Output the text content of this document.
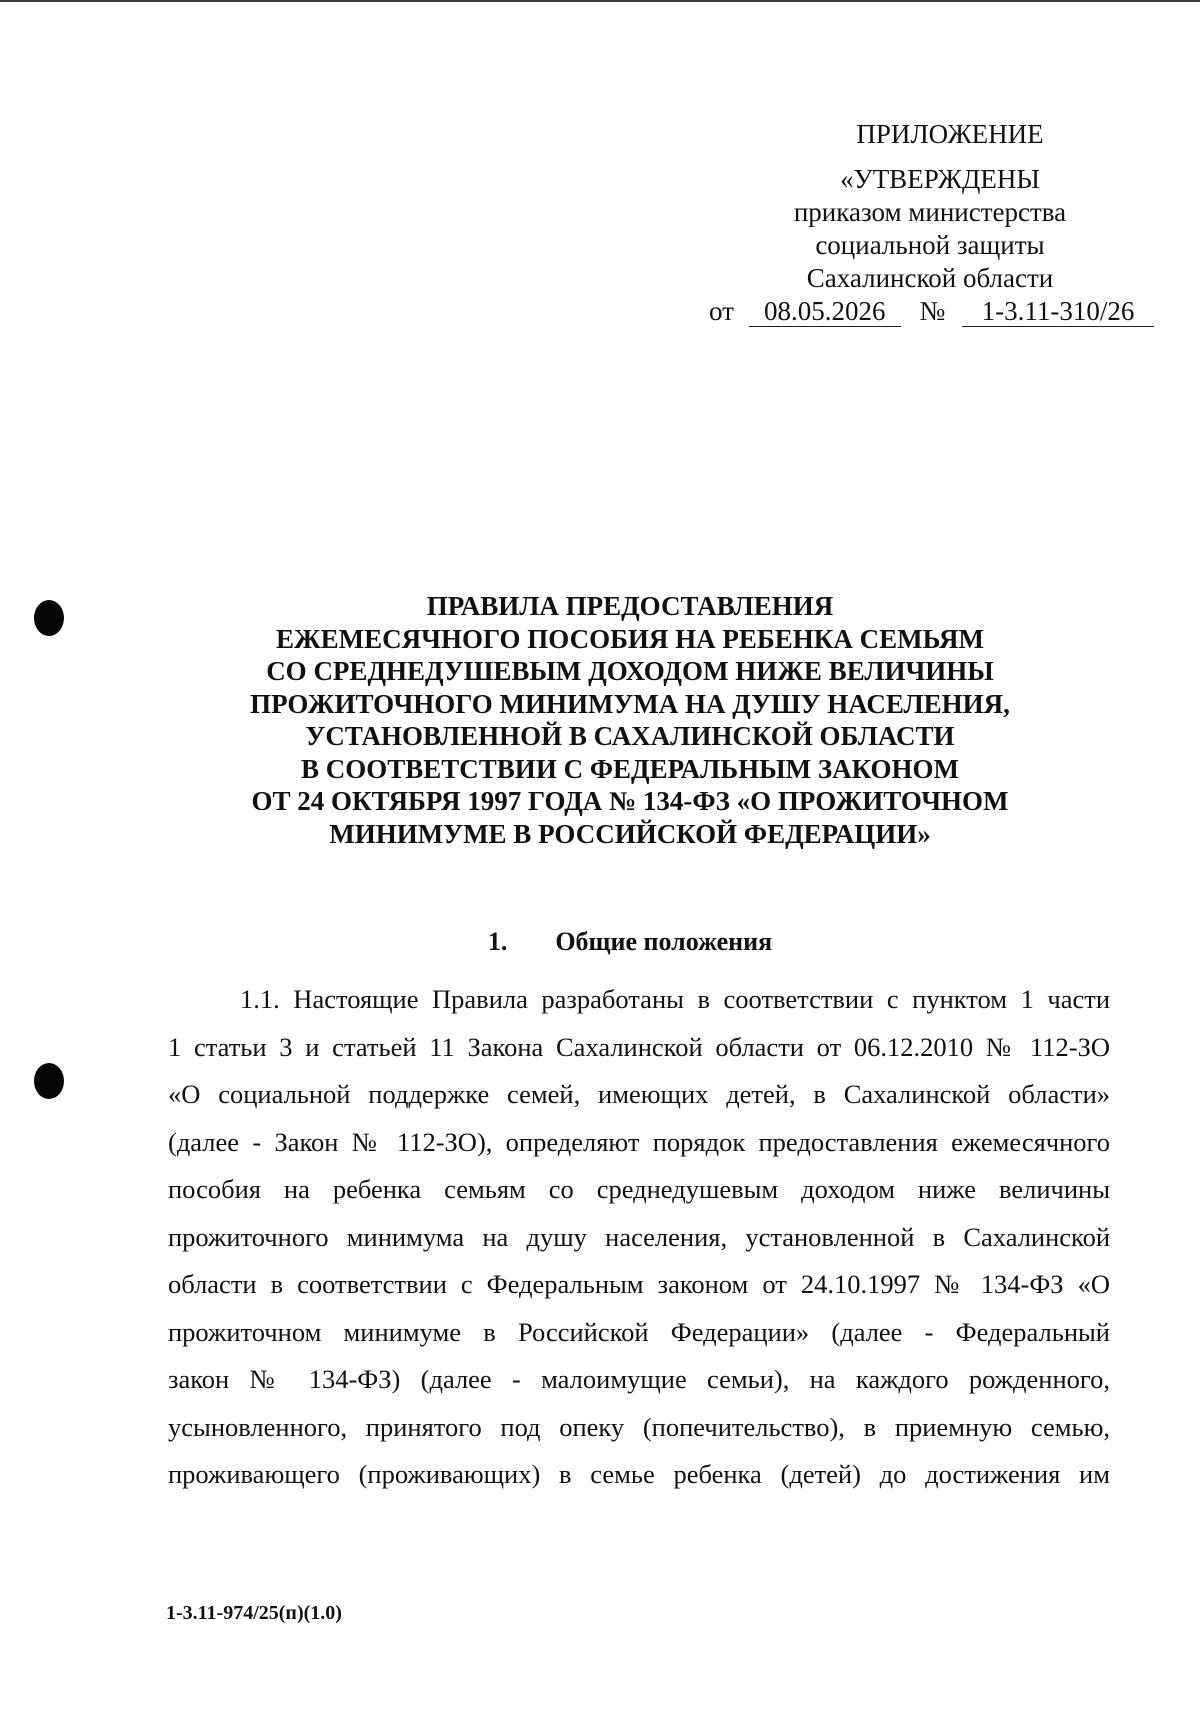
ПРИЛОЖЕНИЕ
«УТВЕРЖДЕНЫ
приказом министерства
социальной защиты
Сахалинской области
от 08.05.2026 № 1-3.11-310/26
ПРАВИЛА ПРЕДОСТАВЛЕНИЯ
ЕЖЕМЕСЯЧНОГО ПОСОБИЯ НА РЕБЕНКА СЕМЬЯМ
СО СРЕДНЕДУШЕВЫМ ДОХОДОМ НИЖЕ ВЕЛИЧИНЫ
ПРОЖИТОЧНОГО МИНИМУМА НА ДУШУ НАСЕЛЕНИЯ,
УСТАНОВЛЕННОЙ В САХАЛИНСКОЙ ОБЛАСТИ
В СООТВЕТСТВИИ С ФЕДЕРАЛЬНЫМ ЗАКОНОМ
ОТ 24 ОКТЯБРЯ 1997 ГОДА № 134-ФЗ «О ПРОЖИТОЧНОМ
МИНИМУМЕ В РОССИЙСКОЙ ФЕДЕРАЦИИ»
1. Общие положения
1.1. Настоящие Правила разработаны в соответствии с пунктом 1 части
1 статьи 3 и статьей 11 Закона Сахалинской области от 06.12.2010 № 112-ЗО
«О социальной поддержке семей, имеющих детей, в Сахалинской области»
(далее - Закон № 112-ЗО), определяют порядок предоставления ежемесячного
пособия на ребенка семьям со среднедушевым доходом ниже величины
прожиточного минимума на душу населения, установленной в Сахалинской
области в соответствии с Федеральным законом от 24.10.1997 № 134-ФЗ «О
прожиточном минимуме в Российской Федерации» (далее - Федеральный
закон № 134-ФЗ) (далее - малоимущие семьи), на каждого рожденного,
усыновленного, принятого под опеку (попечительство), в приемную семью,
проживающего (проживающих) в семье ребенка (детей) до достижения им
1-3.11-974/25(п)(1.0)
